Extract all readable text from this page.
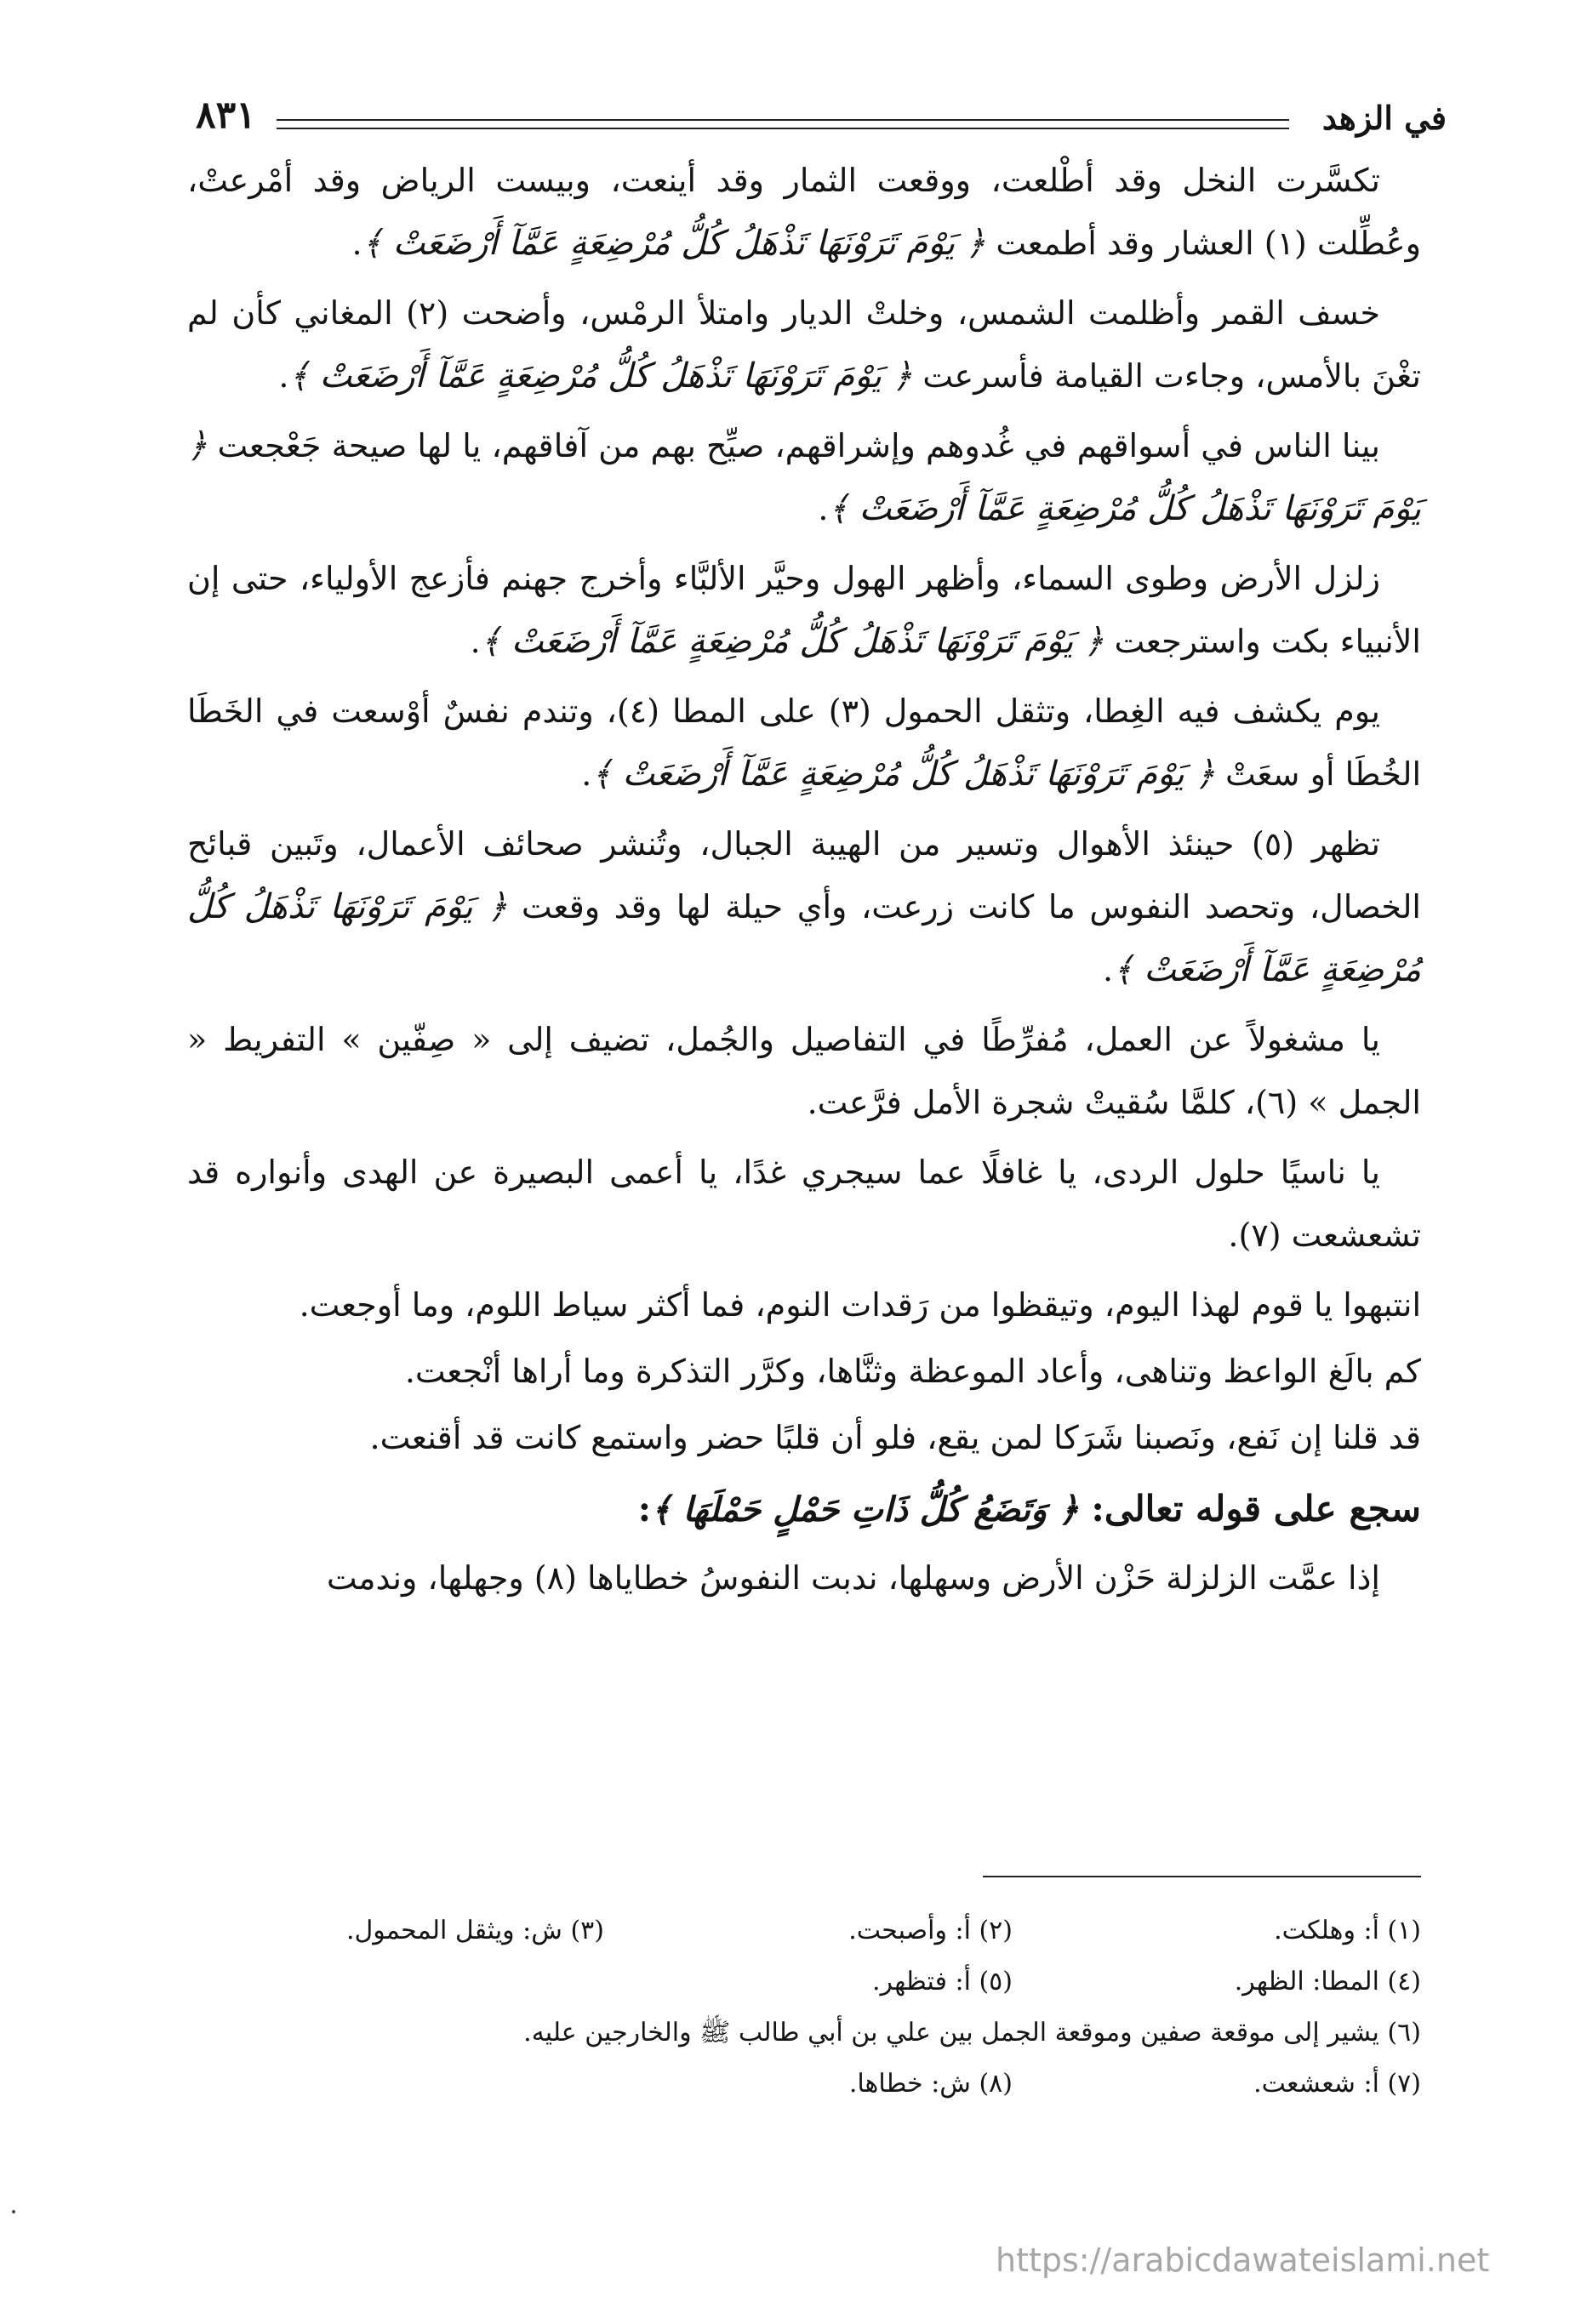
في الزهد
٨٣١

تكسَّرت النخل وقد أطْلعت، ووقعت الثمار وقد أينعت، وبيست الرياض وقد أمْرعتْ، وعُطِّلت (١) العشار وقد أطمعت ﴿ يَوْمَ تَرَوْنَهَا تَذْهَلُ كُلُّ مُرْضِعَةٍ عَمَّآ أَرْضَعَتْ ﴾.

خسف القمر وأظلمت الشمس، وخلتْ الديار وامتلأ الرمْس، وأضحت (٢) المغاني كأن لم تغْنَ بالأمس، وجاءت القيامة فأسرعت ﴿ يَوْمَ تَرَوْنَهَا تَذْهَلُ كُلُّ مُرْضِعَةٍ عَمَّآ أَرْضَعَتْ ﴾.

بينا الناس في أسواقهم في غُدوهم وإشراقهم، صيِّح بهم من آفاقهم، يا لها صيحة جَعْجعت ﴿ يَوْمَ تَرَوْنَهَا تَذْهَلُ كُلُّ مُرْضِعَةٍ عَمَّآ أَرْضَعَتْ ﴾.

زلزل الأرض وطوى السماء، وأظهر الهول وحيَّر الألبَّاء وأخرج جهنم فأزعج الأولياء، حتى إن الأنبياء بكت واسترجعت ﴿ يَوْمَ تَرَوْنَهَا تَذْهَلُ كُلُّ مُرْضِعَةٍ عَمَّآ أَرْضَعَتْ ﴾.

يوم يكشف فيه الغِطا، وتثقل الحمول (٣) على المطا (٤)، وتندم نفسٌ أوْسعت في الخَطَا الخُطَا أو سعَتْ ﴿ يَوْمَ تَرَوْنَهَا تَذْهَلُ كُلُّ مُرْضِعَةٍ عَمَّآ أَرْضَعَتْ ﴾.

تظهر (٥) حينئذ الأهوال وتسير من الهيبة الجبال، وتُنشر صحائف الأعمال، وتَبين قبائح الخصال، وتحصد النفوس ما كانت زرعت، وأي حيلة لها وقد وقعت ﴿ يَوْمَ تَرَوْنَهَا تَذْهَلُ كُلُّ مُرْضِعَةٍ عَمَّآ أَرْضَعَتْ ﴾.

يا مشغولاً عن العمل، مُفرِّطًا في التفاصيل والجُمل، تضيف إلى « صِفّين » التفريط « الجمل » (٦)، كلمَّا سُقيتْ شجرة الأمل فرَّعت.

يا ناسيًا حلول الردى، يا غافلًا عما سيجري غدًا، يا أعمى البصيرة عن الهدى وأنواره قد تشعشعت (٧).

انتبهوا يا قوم لهذا اليوم، وتيقظوا من رَقدات النوم، فما أكثر سياط اللوم، وما أوجعت.

كم بالَغ الواعظ وتناهى، وأعاد الموعظة وثنَّاها، وكرَّر التذكرة وما أراها أنْجعت.

قد قلنا إن نَفع، ونَصبنا شَرَكا لمن يقع، فلو أن قلبًا حضر واستمع كانت قد أقنعت.

سجع على قوله تعالى: ﴿ وَتَضَعُ كُلُّ ذَاتِ حَمْلٍ حَمْلَهَا ﴾:

إذا عمَّت الزلزلة حَزْن الأرض وسهلها، ندبت النفوسُ خطاياها (٨) وجهلها، وندمت

(١) أ: وهلكت.
(٢) أ: وأصبحت.
(٣) ش: ويثقل المحمول.
(٤) المطا: الظهر.
(٥) أ: فتظهر.
(٦) يشير إلى موقعة صفين وموقعة الجمل بين علي بن أبي طالب ﷺ والخارجين عليه.
(٧) أ: شعشعت.
(٨) ش: خطاها.
https://arabicdawateislami.net
